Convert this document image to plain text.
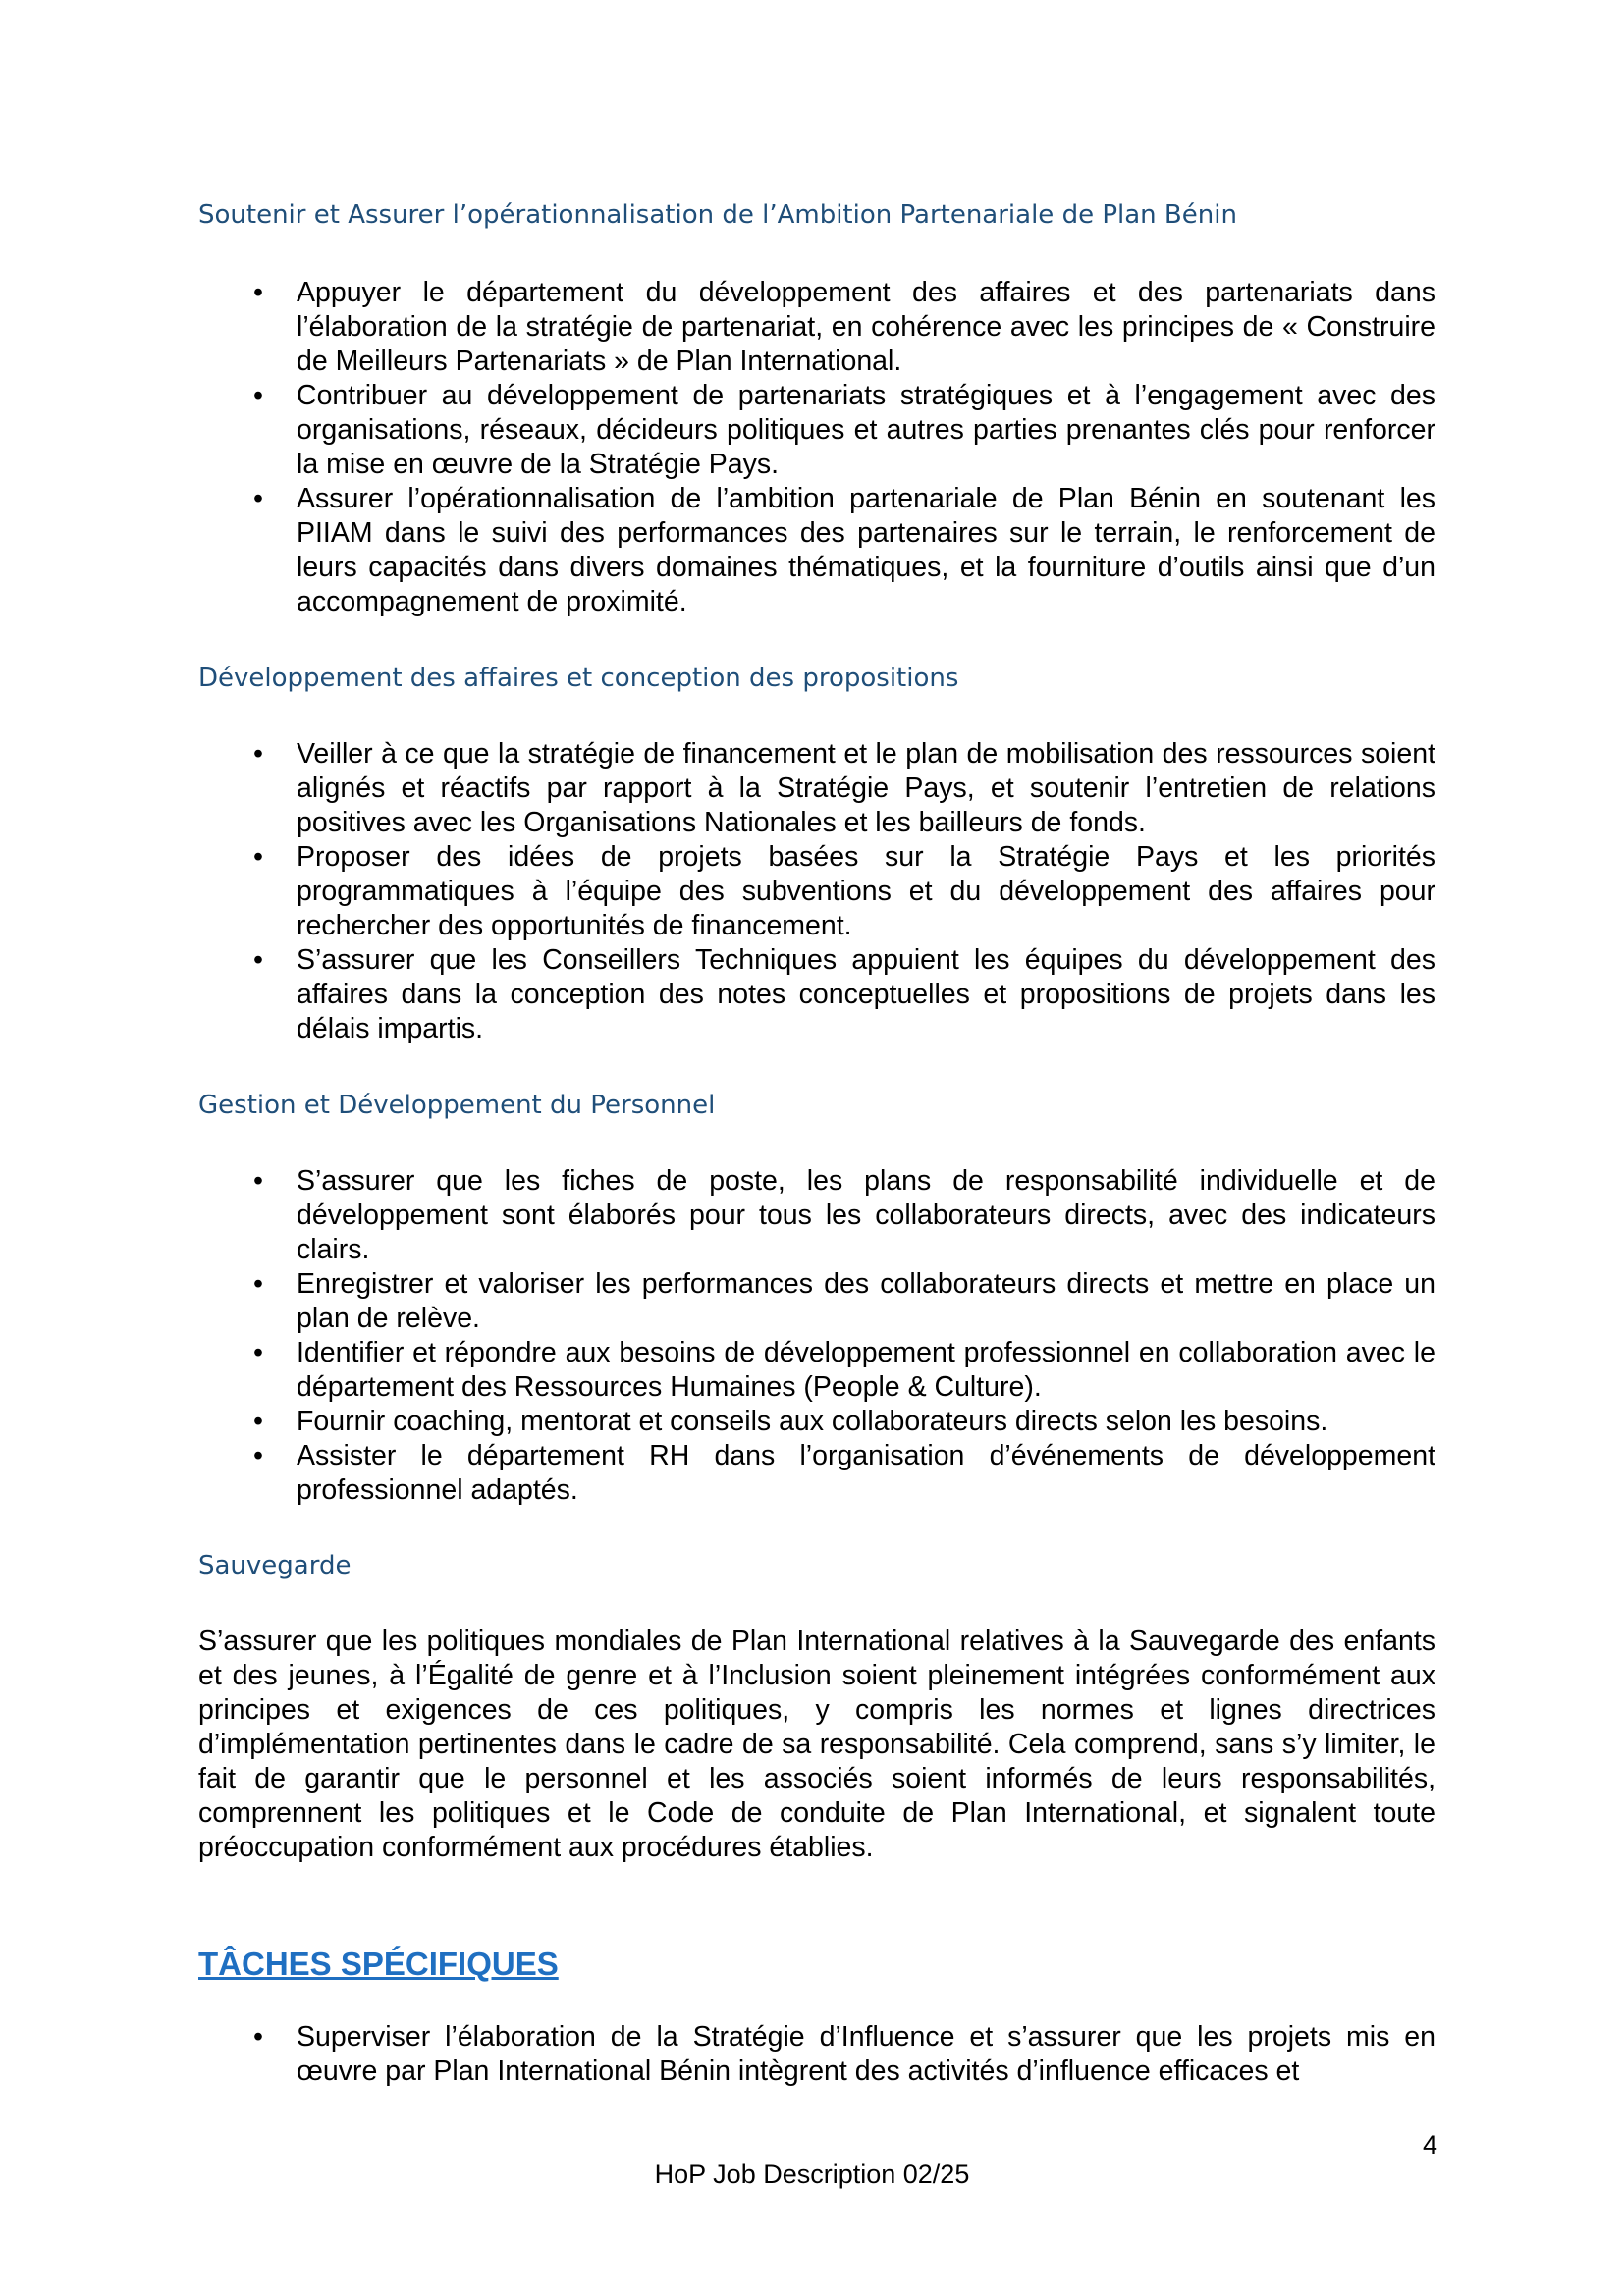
Soutenir et Assurer l’opérationnalisation de l’Ambition Partenariale de Plan Bénin
•	Appuyer le département du développement des affaires et des partenariats dans l’élaboration de la stratégie de partenariat, en cohérence avec les principes de « Construire de Meilleurs Partenariats » de Plan International.
•	Contribuer au développement de partenariats stratégiques et à l’engagement avec des organisations, réseaux, décideurs politiques et autres parties prenantes clés pour renforcer la mise en œuvre de la Stratégie Pays.
•	Assurer l’opérationnalisation de l’ambition partenariale de Plan Bénin en soutenant les PIIAM dans le suivi des performances des partenaires sur le terrain, le renforcement de leurs capacités dans divers domaines thématiques, et la fourniture d’outils ainsi que d’un accompagnement de proximité.
Développement des affaires et conception des propositions
•	Veiller à ce que la stratégie de financement et le plan de mobilisation des ressources soient alignés et réactifs par rapport à la Stratégie Pays, et soutenir l’entretien de relations positives avec les Organisations Nationales et les bailleurs de fonds.
•	Proposer des idées de projets basées sur la Stratégie Pays et les priorités programmatiques à l’équipe des subventions et du développement des affaires pour rechercher des opportunités de financement.
•	S’assurer que les Conseillers Techniques appuient les équipes du développement des affaires dans la conception des notes conceptuelles et propositions de projets dans les délais impartis.
Gestion et Développement du Personnel
•	S’assurer que les fiches de poste, les plans de responsabilité individuelle et de développement sont élaborés pour tous les collaborateurs directs, avec des indicateurs clairs.
•	Enregistrer et valoriser les performances des collaborateurs directs et mettre en place un plan de relève.
•	Identifier et répondre aux besoins de développement professionnel en collaboration avec le département des Ressources Humaines (People & Culture).
•	Fournir coaching, mentorat et conseils aux collaborateurs directs selon les besoins.
•	Assister le département RH dans l’organisation d’événements de développement professionnel adaptés.
Sauvegarde

S’assurer que les politiques mondiales de Plan International relatives à la Sauvegarde des enfants et des jeunes, à l’Égalité de genre et à l’Inclusion soient pleinement intégrées conformément aux principes et exigences de ces politiques, y compris les normes et lignes directrices d’implémentation pertinentes dans le cadre de sa responsabilité. Cela comprend, sans s’y limiter, le fait de garantir que le personnel et les associés soient informés de leurs responsabilités, comprennent les politiques et le Code de conduite de Plan International, et signalent toute préoccupation conformément aux procédures établies.

TÂCHES SPÉCIFIQUES
•	Superviser l’élaboration de la Stratégie d’Influence et s’assurer que les projets mis en œuvre par Plan International Bénin intègrent des activités d’influence efficaces et
4
HoP Job Description 02/25
